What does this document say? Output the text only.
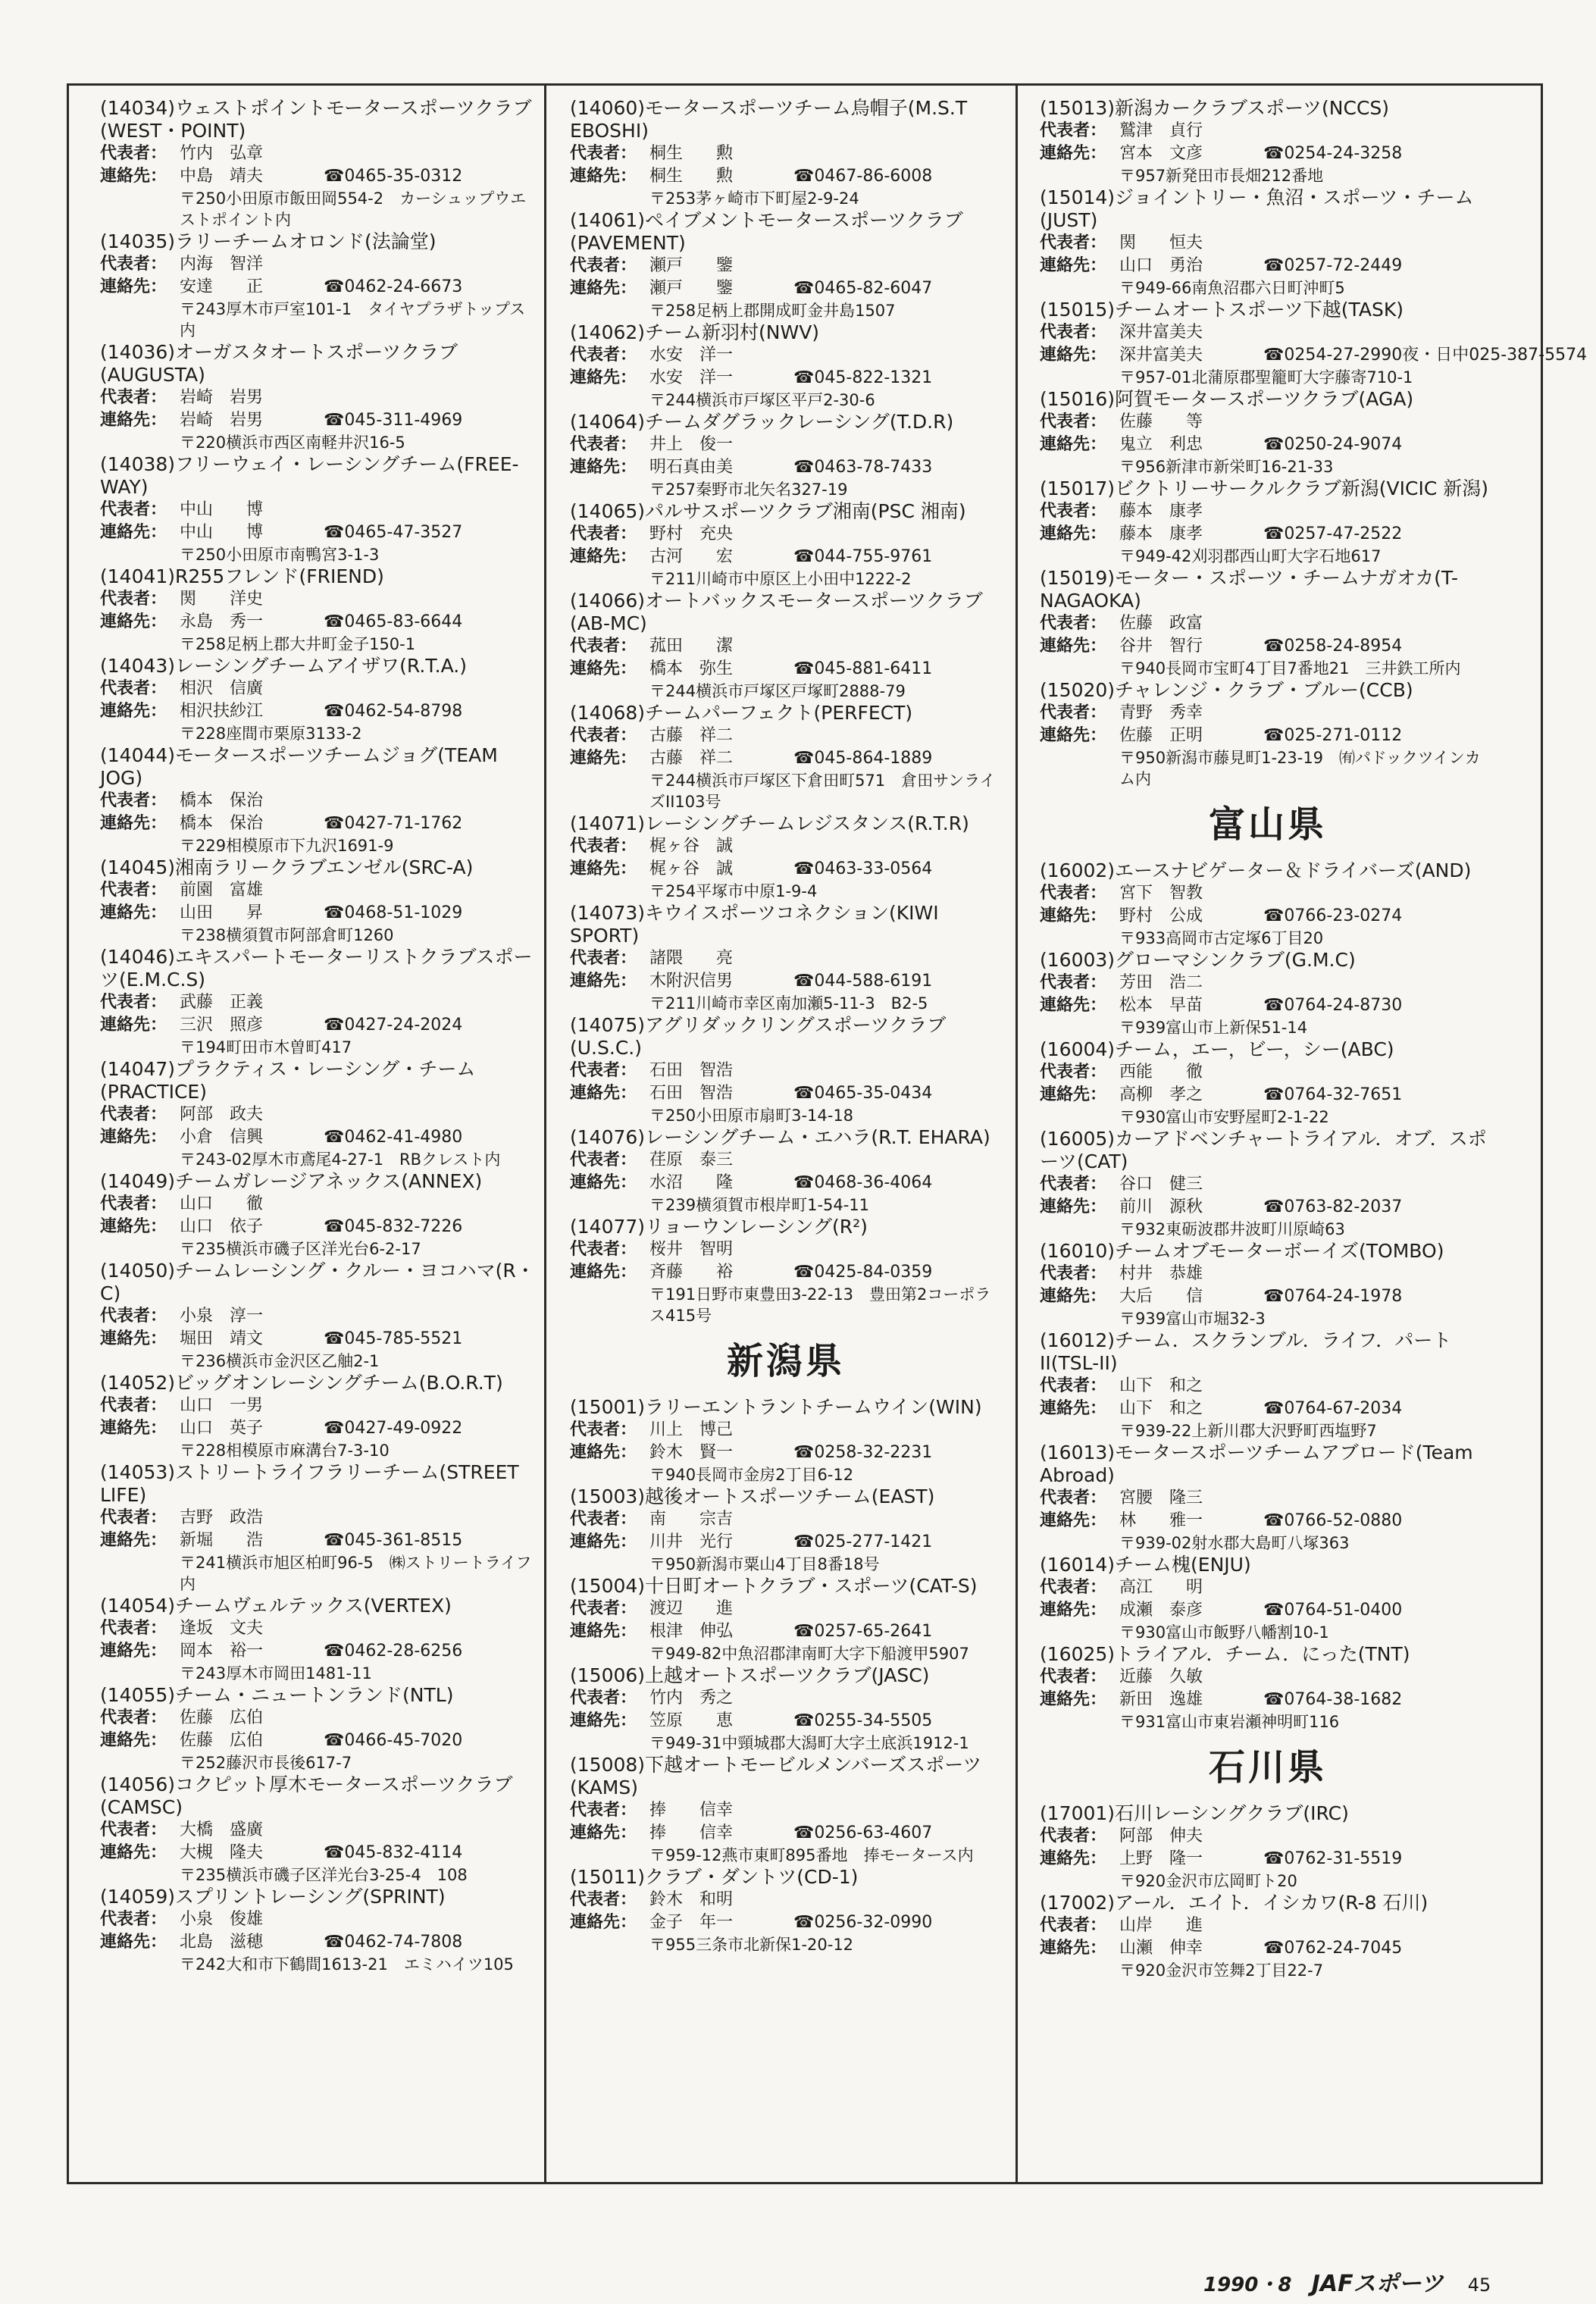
(14034)ウェストポイントモータースポーツクラブ(WEST・POINT)
代表者： 竹内　弘章
連絡先： 中島　靖夫	☎0465-35-0312
〒250小田原市飯田岡554-2　カーシュップウエストポイント内
(14035)ラリーチームオロンド(法論堂)
代表者： 内海　智洋
連絡先： 安達　　正	☎0462-24-6673
〒243厚木市戸室101-1　タイヤプラザトップス内
(14036)オーガスタオートスポーツクラブ(AUGUSTA)
代表者： 岩崎　岩男
連絡先： 岩崎　岩男	☎045-311-4969
〒220横浜市西区南軽井沢16-5
(14038)フリーウェイ・レーシングチーム(FREE-WAY)
代表者： 中山　　博
連絡先： 中山　　博	☎0465-47-3527
〒250小田原市南鴨宮3-1-3
(14041)R255フレンド(FRIEND)
代表者： 関　　洋史
連絡先： 永島　秀一	☎0465-83-6644
〒258足柄上郡大井町金子150-1
(14043)レーシングチームアイザワ(R.T.A.)
代表者： 相沢　信廣
連絡先： 相沢扶紗江	☎0462-54-8798
〒228座間市栗原3133-2
(14044)モータースポーツチームジョグ(TEAM JOG)
代表者： 橋本　保治
連絡先： 橋本　保治	☎0427-71-1762
〒229相模原市下九沢1691-9
(14045)湘南ラリークラブエンゼル(SRC-A)
代表者： 前園　富雄
連絡先： 山田　　昇	☎0468-51-1029
〒238横須賀市阿部倉町1260
(14046)エキスパートモーターリストクラブスポーツ(E.M.C.S)
代表者： 武藤　正義
連絡先： 三沢　照彦	☎0427-24-2024
〒194町田市木曽町417
(14047)プラクティス・レーシング・チーム(PRACTICE)
代表者： 阿部　政夫
連絡先： 小倉　信興	☎0462-41-4980
〒243-02厚木市鳶尾4-27-1　RBクレスト内
(14049)チームガレージアネックス(ANNEX)
代表者： 山口　　徹
連絡先： 山口　依子	☎045-832-7226
〒235横浜市磯子区洋光台6-2-17
(14050)チームレーシング・クルー・ヨコハマ(R・C)
代表者： 小泉　淳一
連絡先： 堀田　靖文	☎045-785-5521
〒236横浜市金沢区乙舳2-1
(14052)ビッグオンレーシングチーム(B.O.R.T)
代表者： 山口　一男
連絡先： 山口　英子	☎0427-49-0922
〒228相模原市麻溝台7-3-10
(14053)ストリートライフラリーチーム(STREET LIFE)
代表者： 吉野　政浩
連絡先： 新堀　　浩	☎045-361-8515
〒241横浜市旭区柏町96-5　㈱ストリートライフ内
(14054)チームヴェルテックス(VERTEX)
代表者： 逢坂　文夫
連絡先： 岡本　裕一	☎0462-28-6256
〒243厚木市岡田1481-11
(14055)チーム・ニュートンランド(NTL)
代表者： 佐藤　広伯
連絡先： 佐藤　広伯	☎0466-45-7020
〒252藤沢市長後617-7
(14056)コクピット厚木モータースポーツクラブ(CAMSC)
代表者： 大橋　盛廣
連絡先： 大槻　隆夫	☎045-832-4114
〒235横浜市磯子区洋光台3-25-4　108
(14059)スプリントレーシング(SPRINT)
代表者： 小泉　俊雄
連絡先： 北島　滋穂	☎0462-74-7808
〒242大和市下鶴間1613-21　エミハイツ105
(14060)モータースポーツチーム烏帽子(M.S.T EBOSHI)
代表者： 桐生　　勲
連絡先： 桐生　　勲	☎0467-86-6008
〒253茅ヶ崎市下町屋2-9-24
(14061)ペイブメントモータースポーツクラブ(PAVEMENT)
代表者： 瀬戸　　鑒
連絡先： 瀬戸　　鑒	☎0465-82-6047
〒258足柄上郡開成町金井島1507
(14062)チーム新羽村(NWV)
代表者： 水安　洋一
連絡先： 水安　洋一	☎045-822-1321
〒244横浜市戸塚区平戸2-30-6
(14064)チームダグラックレーシング(T.D.R)
代表者： 井上　俊一
連絡先： 明石真由美	☎0463-78-7433
〒257秦野市北矢名327-19
(14065)パルサスポーツクラブ湘南(PSC 湘南)
代表者： 野村　充央
連絡先： 古河　　宏	☎044-755-9761
〒211川崎市中原区上小田中1222-2
(14066)オートバックスモータースポーツクラブ(AB-MC)
代表者： 菰田　　潔
連絡先： 橋本　弥生	☎045-881-6411
〒244横浜市戸塚区戸塚町2888-79
(14068)チームパーフェクト(PERFECT)
代表者： 古藤　祥二
連絡先： 古藤　祥二	☎045-864-1889
〒244横浜市戸塚区下倉田町571　倉田サンライズII103号
(14071)レーシングチームレジスタンス(R.T.R)
代表者： 梶ヶ谷　誠
連絡先： 梶ヶ谷　誠	☎0463-33-0564
〒254平塚市中原1-9-4
(14073)キウイスポーツコネクション(KIWI SPORT)
代表者： 諸隈　　亮
連絡先： 木附沢信男	☎044-588-6191
〒211川崎市幸区南加瀬5-11-3　B2-5
(14075)アグリダックリングスポーツクラブ(U.S.C.)
代表者： 石田　智浩
連絡先： 石田　智浩	☎0465-35-0434
〒250小田原市扇町3-14-18
(14076)レーシングチーム・エハラ(R.T. EHARA)
代表者： 荏原　泰三
連絡先： 水沼　　隆	☎0468-36-4064
〒239横須賀市根岸町1-54-11
(14077)リョーウンレーシング(R²)
代表者： 桜井　智明
連絡先： 斉藤　　裕	☎0425-84-0359
〒191日野市東豊田3-22-13　豊田第2コーポラス415号
新潟県
(15001)ラリーエントラントチームウイン(WIN)
代表者： 川上　博己
連絡先： 鈴木　賢一	☎0258-32-2231
〒940長岡市金房2丁目6-12
(15003)越後オートスポーツチーム(EAST)
代表者： 南　　宗吉
連絡先： 川井　光行	☎025-277-1421
〒950新潟市粟山4丁目8番18号
(15004)十日町オートクラブ・スポーツ(CAT-S)
代表者： 渡辺　　進
連絡先： 根津　伸弘	☎0257-65-2641
〒949-82中魚沼郡津南町大字下船渡甲5907
(15006)上越オートスポーツクラブ(JASC)
代表者： 竹内　秀之
連絡先： 笠原　　恵	☎0255-34-5505
〒949-31中頸城郡大潟町大字土底浜1912-1
(15008)下越オートモービルメンバーズスポーツ(KAMS)
代表者： 捧　　信幸
連絡先： 捧　　信幸	☎0256-63-4607
〒959-12燕市東町895番地　捧モータース内
(15011)クラブ・ダントツ(CD-1)
代表者： 鈴木　和明
連絡先： 金子　年一	☎0256-32-0990
〒955三条市北新保1-20-12
(15013)新潟カークラブスポーツ(NCCS)
代表者： 鷲津　貞行
連絡先： 宮本　文彦	☎0254-24-3258
〒957新発田市長畑212番地
(15014)ジョイントリー・魚沼・スポーツ・チーム(JUST)
代表者： 関　　恒夫
連絡先： 山口　勇治	☎0257-72-2449
〒949-66南魚沼郡六日町沖町5
(15015)チームオートスポーツ下越(TASK)
代表者： 深井富美夫
連絡先： 深井富美夫	☎0254-27-2990夜・日中025-387-5574
〒957-01北蒲原郡聖籠町大字藤寄710-1
(15016)阿賀モータースポーツクラブ(AGA)
代表者： 佐藤　　等
連絡先： 鬼立　利忠	☎0250-24-9074
〒956新津市新栄町16-21-33
(15017)ビクトリーサークルクラブ新潟(VICIC 新潟)
代表者： 藤本　康孝
連絡先： 藤本　康孝	☎0257-47-2522
〒949-42刈羽郡西山町大字石地617
(15019)モーター・スポーツ・チームナガオカ(T-NAGAOKA)
代表者： 佐藤　政富
連絡先： 谷井　智行	☎0258-24-8954
〒940長岡市宝町4丁目7番地21　三井鉄工所内
(15020)チャレンジ・クラブ・ブルー(CCB)
代表者： 青野　秀幸
連絡先： 佐藤　正明	☎025-271-0112
〒950新潟市藤見町1-23-19　㈲パドックツインカム内
富山県
(16002)エースナビゲーター＆ドライバーズ(AND)
代表者： 宮下　智教
連絡先： 野村　公成	☎0766-23-0274
〒933高岡市古定塚6丁目20
(16003)グローマシンクラブ(G.M.C)
代表者： 芳田　浩二
連絡先： 松本　早苗	☎0764-24-8730
〒939富山市上新保51-14
(16004)チーム，エー，ビー，シー(ABC)
代表者： 西能　　徹
連絡先： 高柳　孝之	☎0764-32-7651
〒930富山市安野屋町2-1-22
(16005)カーアドベンチャートライアル．オブ．スポーツ(CAT)
代表者： 谷口　健三
連絡先： 前川　源秋	☎0763-82-2037
〒932東砺波郡井波町川原崎63
(16010)チームオブモーターボーイズ(TOMBO)
代表者： 村井　恭雄
連絡先： 大后　　信	☎0764-24-1978
〒939富山市堀32-3
(16012)チーム．スクランブル．ライフ．パートII(TSL-II)
代表者： 山下　和之
連絡先： 山下　和之	☎0764-67-2034
〒939-22上新川郡大沢野町西塩野7
(16013)モータースポーツチームアブロード(Team Abroad)
代表者： 宮腰　隆三
連絡先： 林　　雅一	☎0766-52-0880
〒939-02射水郡大島町八塚363
(16014)チーム槐(ENJU)
代表者： 高江　　明
連絡先： 成瀬　泰彦	☎0764-51-0400
〒930富山市飯野八幡割10-1
(16025)トライアル．チーム．にった(TNT)
代表者： 近藤　久敏
連絡先： 新田　逸雄	☎0764-38-1682
〒931富山市東岩瀬神明町116
石川県
(17001)石川レーシングクラブ(IRC)
代表者： 阿部　伸夫
連絡先： 上野　隆一	☎0762-31-5519
〒920金沢市広岡町ト20
(17002)アール．エイト．イシカワ(R-8 石川)
代表者： 山岸　　進
連絡先： 山瀬　伸幸	☎0762-24-7045
〒920金沢市笠舞2丁目22-7
1990・8 JAFスポーツ 45
